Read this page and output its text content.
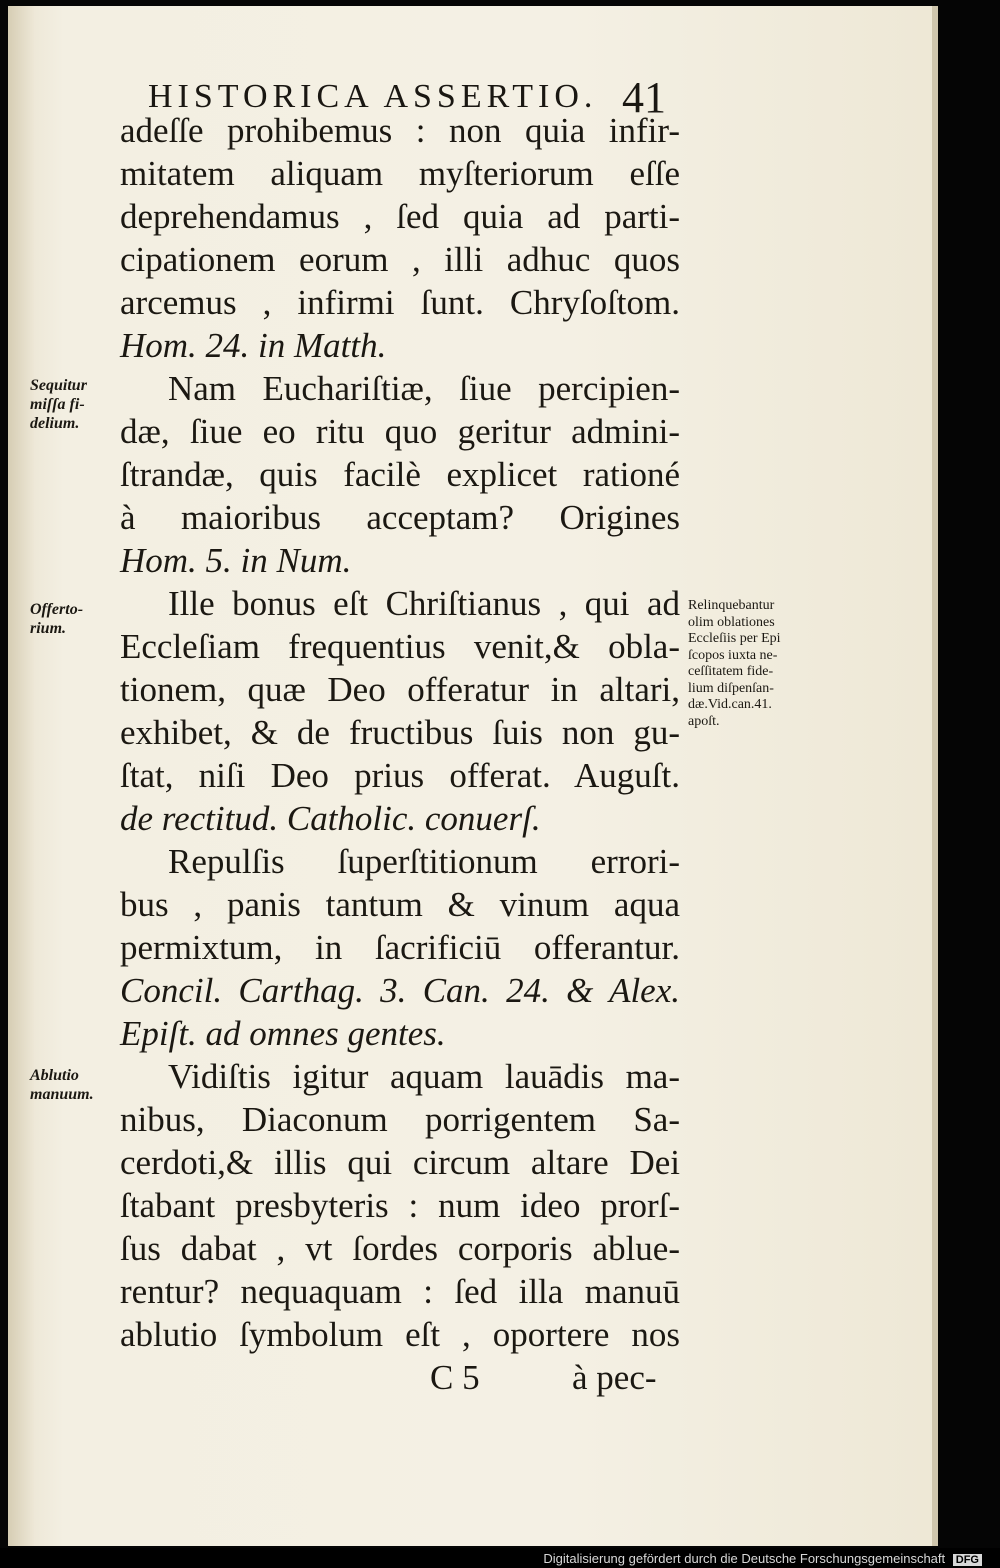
HISTORICA ASSERTIO. 41
adeſſe prohibemus : non quia infir-
mitatem aliquam myſteriorum eſſe
deprehendamus , ſed quia ad parti-
cipationem eorum , illi adhuc quos
arcemus , infirmi ſunt. Chryſoſtom.
Hom. 24. in Matth.
Nam Euchariſtiæ, ſiue percipien-
dæ, ſiue eo ritu quo geritur admini-
ſtrandæ, quis facilè explicet rationé
à maioribus acceptam? Origines
Hom. 5. in Num.
Ille bonus eſt Chriſtianus , qui ad
Eccleſiam frequentius venit,& obla-
tionem, quæ Deo offeratur in altari,
exhibet, & de fructibus ſuis non gu-
ſtat, niſi Deo prius offerat. Auguſt.
de rectitud. Catholic. conuerſ.
Repulſis ſuperſtitionum errori-
bus , panis tantum & vinum aqua
permixtum, in ſacrificiū offerantur.
Concil. Carthag. 3. Can. 24. & Alex.
Epiſt. ad omnes gentes.
Vidiſtis igitur aquam lauādis ma-
nibus, Diaconum porrigentem Sa-
cerdoti,& illis qui circum altare Dei
ſtabant presbyteris : num ideo prorſ-
ſus dabat , vt ſordes corporis ablue-
rentur? nequaquam : ſed illa manuū
ablutio ſymbolum eſt , oportere nos
C 5	à pec-
Sequitur
miſſa fi-
delium.
Offerto-
rium.
Ablutio
manuum.
Relinquebantur
olim oblationes
Eccleſiis per Epi
ſcopos iuxta ne-
ceſſitatem fide-
lium diſpenſan-
dæ.Vid.can.41.
apoſt.
Digitalisierung gefördert durch die Deutsche Forschungsgemeinschaft DFG
